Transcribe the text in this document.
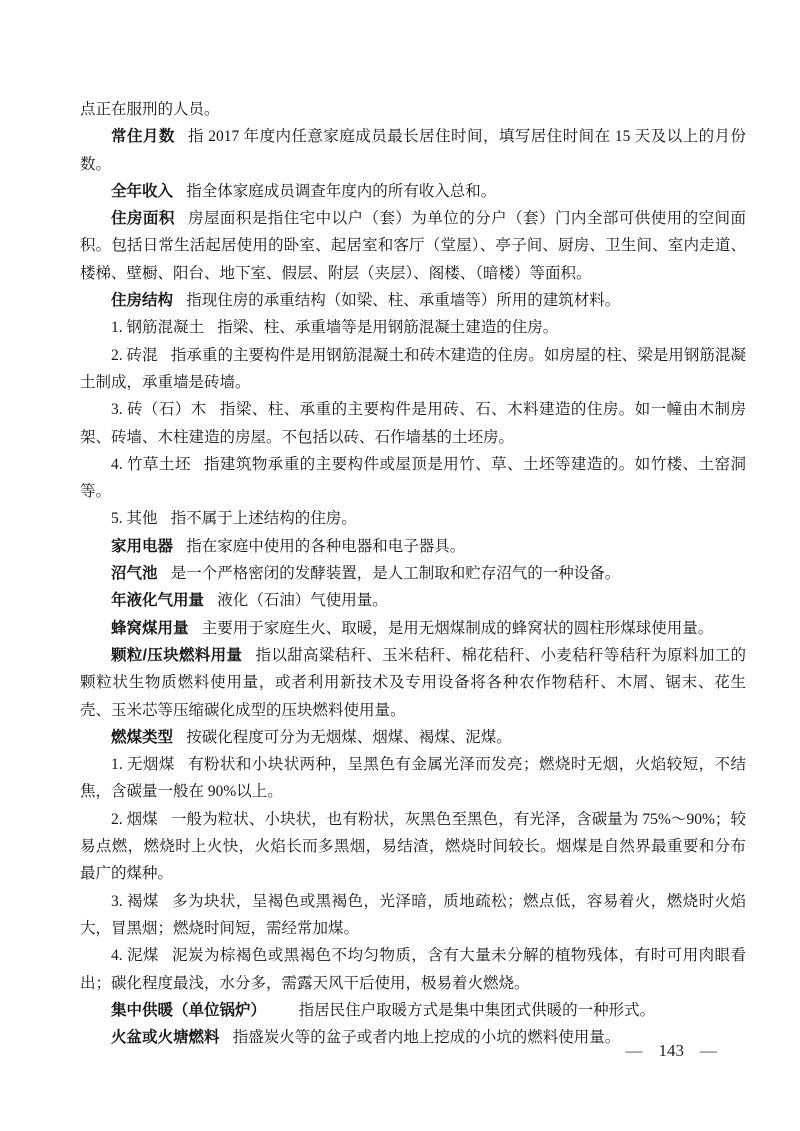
点正在服刑的人员。

常住月数 指 2017 年度内任意家庭成员最长居住时间，填写居住时间在 15 天及以上的月份数。

全年收入 指全体家庭成员调查年度内的所有收入总和。

住房面积 房屋面积是指住宅中以户（套）为单位的分户（套）门内全部可供使用的空间面积。包括日常生活起居使用的卧室、起居室和客厅（堂屋）、亭子间、厨房、卫生间、室内走道、楼梯、壁橱、阳台、地下室、假层、附层（夹层）、阁楼、（暗楼）等面积。

住房结构 指现住房的承重结构（如梁、柱、承重墙等）所用的建筑材料。

1. 钢筋混凝土 指梁、柱、承重墙等是用钢筋混凝土建造的住房。

2. 砖混 指承重的主要构件是用钢筋混凝土和砖木建造的住房。如房屋的柱、梁是用钢筋混凝土制成，承重墙是砖墙。

3. 砖（石）木 指梁、柱、承重的主要构件是用砖、石、木料建造的住房。如一幢由木制房架、砖墙、木柱建造的房屋。不包括以砖、石作墙基的土坯房。

4. 竹草土坯 指建筑物承重的主要构件或屋顶是用竹、草、土坯等建造的。如竹楼、土窑洞等。

5. 其他 指不属于上述结构的住房。

家用电器 指在家庭中使用的各种电器和电子器具。

沼气池 是一个严格密闭的发酵装置，是人工制取和贮存沼气的一种设备。

年液化气用量 液化（石油）气使用量。

蜂窝煤用量 主要用于家庭生火、取暖，是用无烟煤制成的蜂窝状的圆柱形煤球使用量。

颗粒/压块燃料用量 指以甜高粱秸秆、玉米秸秆、棉花秸秆、小麦秸秆等秸秆为原料加工的颗粒状生物质燃料使用量，或者利用新技术及专用设备将各种农作物秸秆、木屑、锯末、花生壳、玉米芯等压缩碳化成型的压块燃料使用量。

燃煤类型 按碳化程度可分为无烟煤、烟煤、褐煤、泥煤。

1. 无烟煤 有粉状和小块状两种，呈黑色有金属光泽而发亮；燃烧时无烟，火焰较短，不结焦，含碳量一般在 90%以上。

2. 烟煤 一般为粒状、小块状，也有粉状，灰黑色至黑色，有光泽，含碳量为 75%～90%；较易点燃，燃烧时上火快，火焰长而多黑烟，易结渣，燃烧时间较长。烟煤是自然界最重要和分布最广的煤种。

3. 褐煤 多为块状，呈褐色或黑褐色，光泽暗，质地疏松；燃点低，容易着火，燃烧时火焰大，冒黑烟；燃烧时间短，需经常加煤。

4. 泥煤 泥炭为棕褐色或黑褐色不均匀物质，含有大量未分解的植物残体，有时可用肉眼看出；碳化程度最浅，水分多，需露天风干后使用，极易着火燃烧。

集中供暖（单位锅炉） 指居民住户取暖方式是集中集团式供暖的一种形式。

火盆或火塘燃料 指盛炭火等的盆子或者内地上挖成的小坑的燃料使用量。

— 143 —
